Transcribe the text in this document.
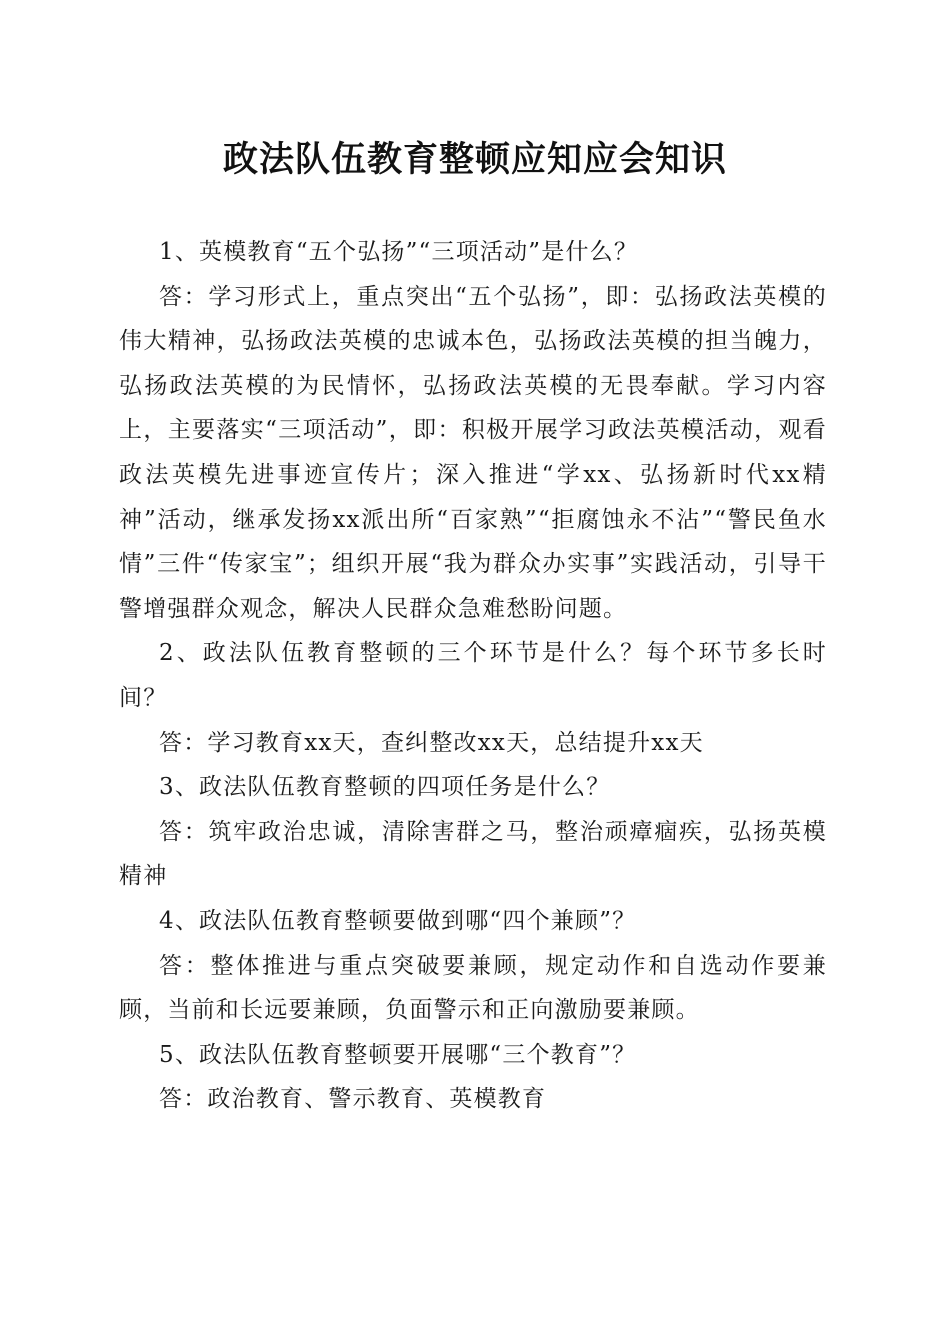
政法队伍教育整顿应知应会知识

1、英模教育“五个弘扬”“三项活动”是什么？

答：学习形式上，重点突出“五个弘扬”，即：弘扬政法英模的伟大精神，弘扬政法英模的忠诚本色，弘扬政法英模的担当魄力，弘扬政法英模的为民情怀，弘扬政法英模的无畏奉献。学习内容上，主要落实“三项活动”，即：积极开展学习政法英模活动，观看政法英模先进事迹宣传片；深入推进“学xx、弘扬新时代xx精神”活动，继承发扬xx派出所“百家熟”“拒腐蚀永不沾”“警民鱼水情”三件“传家宝”；组织开展“我为群众办实事”实践活动，引导干警增强群众观念，解决人民群众急难愁盼问题。

2、政法队伍教育整顿的三个环节是什么？每个环节多长时间？

答：学习教育xx天，查纠整改xx天，总结提升xx天

3、政法队伍教育整顿的四项任务是什么？

答：筑牢政治忠诚，清除害群之马，整治顽瘴痼疾，弘扬英模精神

4、政法队伍教育整顿要做到哪“四个兼顾”？

答：整体推进与重点突破要兼顾，规定动作和自选动作要兼顾，当前和长远要兼顾，负面警示和正向激励要兼顾。

5、政法队伍教育整顿要开展哪“三个教育”？

答：政治教育、警示教育、英模教育
